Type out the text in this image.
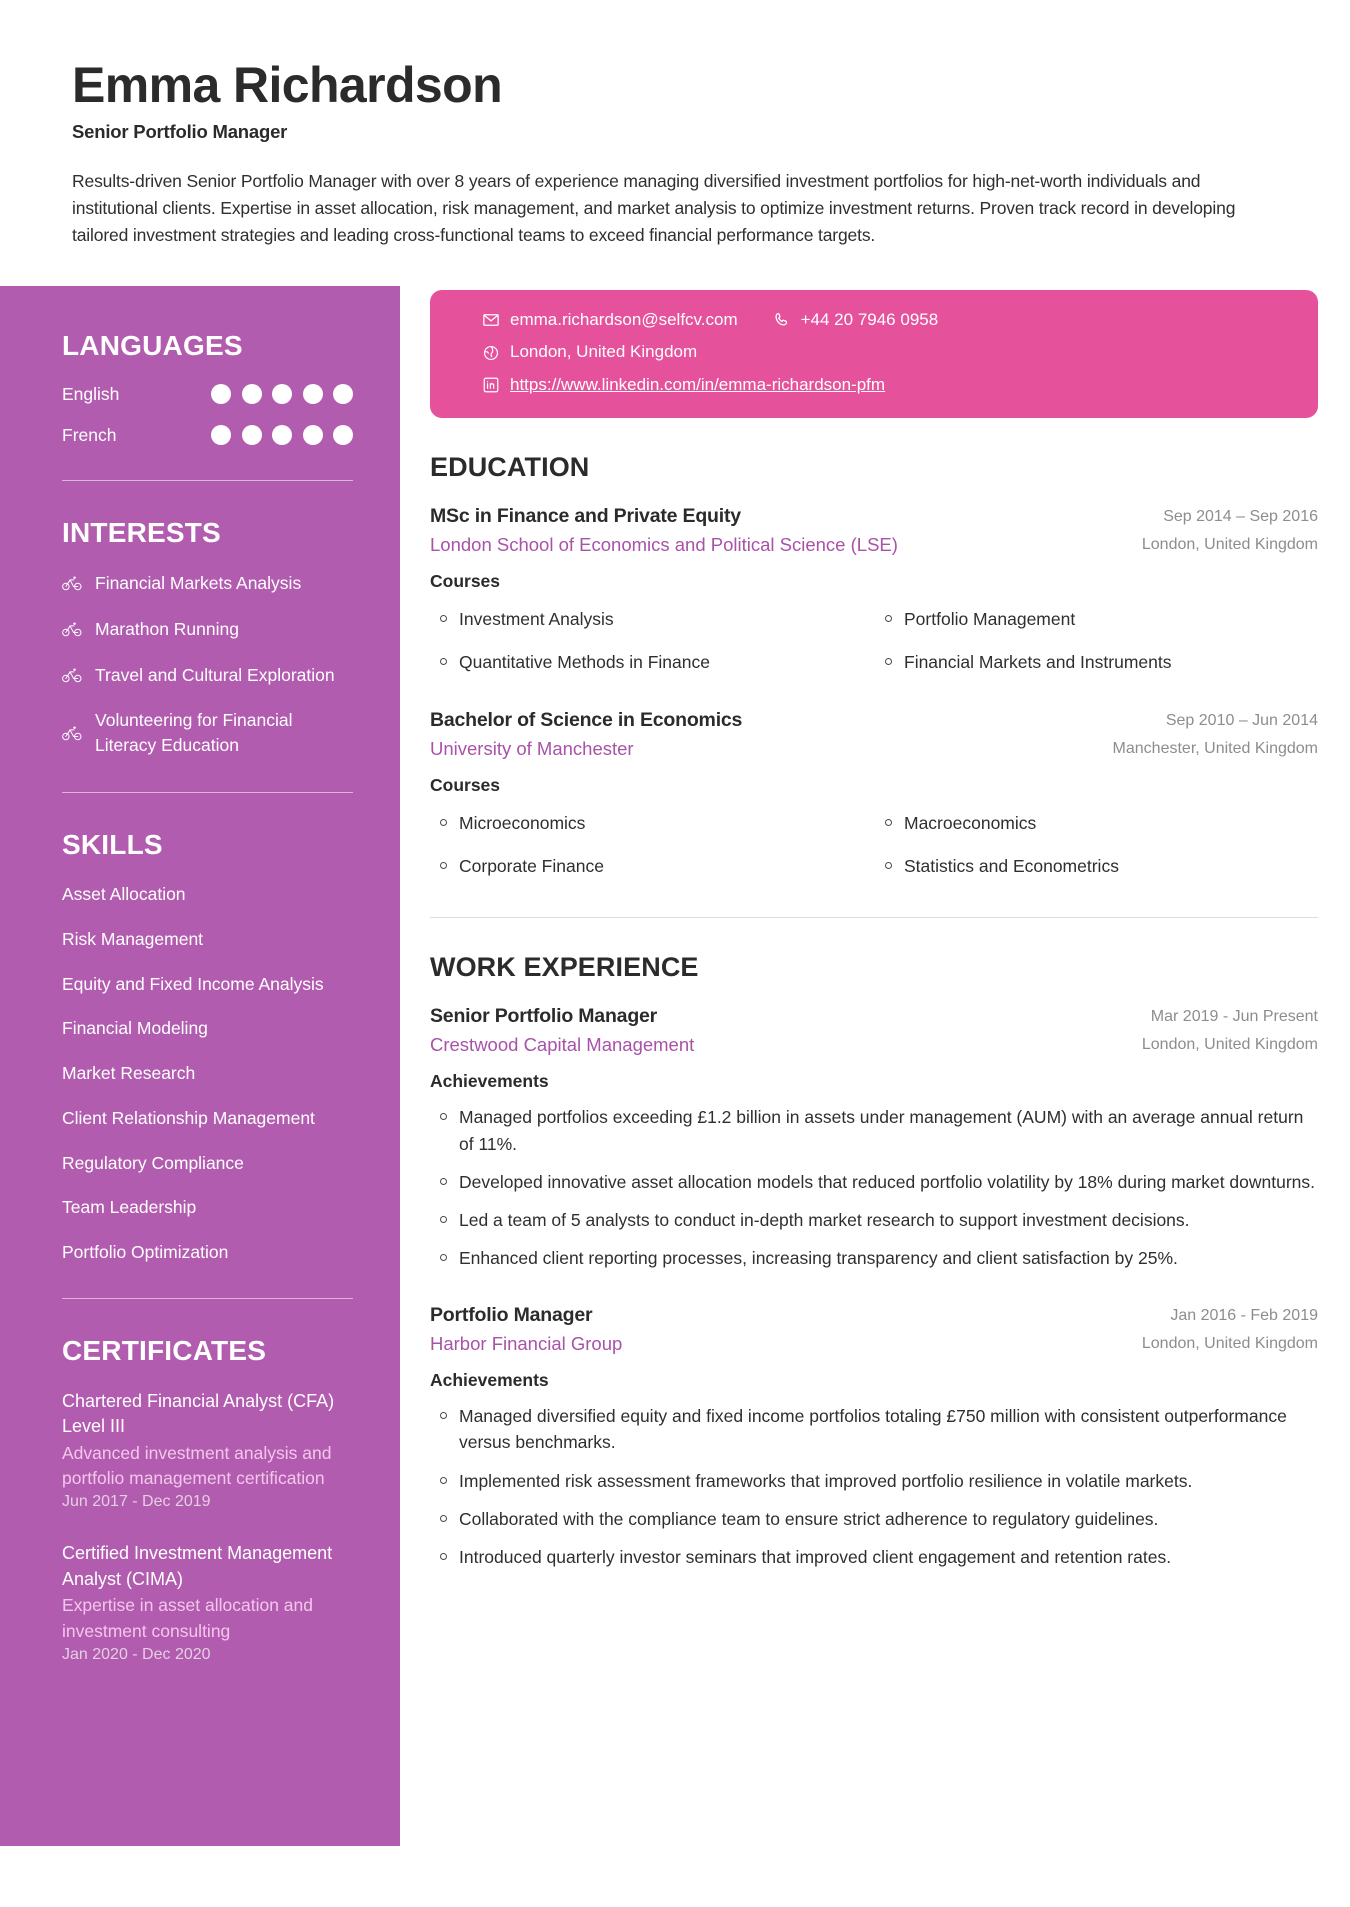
Emma Richardson
Senior Portfolio Manager
Results-driven Senior Portfolio Manager with over 8 years of experience managing diversified investment portfolios for high-net-worth individuals and institutional clients. Expertise in asset allocation, risk management, and market analysis to optimize investment returns. Proven track record in developing tailored investment strategies and leading cross-functional teams to exceed financial performance targets.
LANGUAGES
English
French
INTERESTS
Financial Markets Analysis
Marathon Running
Travel and Cultural Exploration
Volunteering for Financial Literacy Education
SKILLS
Asset Allocation
Risk Management
Equity and Fixed Income Analysis
Financial Modeling
Market Research
Client Relationship Management
Regulatory Compliance
Team Leadership
Portfolio Optimization
CERTIFICATES
Chartered Financial Analyst (CFA) Level III
Advanced investment analysis and portfolio management certification
Jun 2017 - Dec 2019
Certified Investment Management Analyst (CIMA)
Expertise in asset allocation and investment consulting
Jan 2020 - Dec 2020
emma.richardson@selfcv.com	+44 20 7946 0958
London, United Kingdom
https://www.linkedin.com/in/emma-richardson-pfm
EDUCATION
MSc in Finance and Private Equity
London School of Economics and Political Science (LSE)
Sep 2014 – Sep 2016
London, United Kingdom
Courses
Investment Analysis	Portfolio Management
Quantitative Methods in Finance	Financial Markets and Instruments
Bachelor of Science in Economics
University of Manchester
Sep 2010 – Jun 2014
Manchester, United Kingdom
Courses
Microeconomics	Macroeconomics
Corporate Finance	Statistics and Econometrics
WORK EXPERIENCE
Senior Portfolio Manager
Crestwood Capital Management
Mar 2019 - Jun Present
London, United Kingdom
Achievements
Managed portfolios exceeding £1.2 billion in assets under management (AUM) with an average annual return of 11%.
Developed innovative asset allocation models that reduced portfolio volatility by 18% during market downturns.
Led a team of 5 analysts to conduct in-depth market research to support investment decisions.
Enhanced client reporting processes, increasing transparency and client satisfaction by 25%.
Portfolio Manager
Harbor Financial Group
Jan 2016 - Feb 2019
London, United Kingdom
Achievements
Managed diversified equity and fixed income portfolios totaling £750 million with consistent outperformance versus benchmarks.
Implemented risk assessment frameworks that improved portfolio resilience in volatile markets.
Collaborated with the compliance team to ensure strict adherence to regulatory guidelines.
Introduced quarterly investor seminars that improved client engagement and retention rates.
